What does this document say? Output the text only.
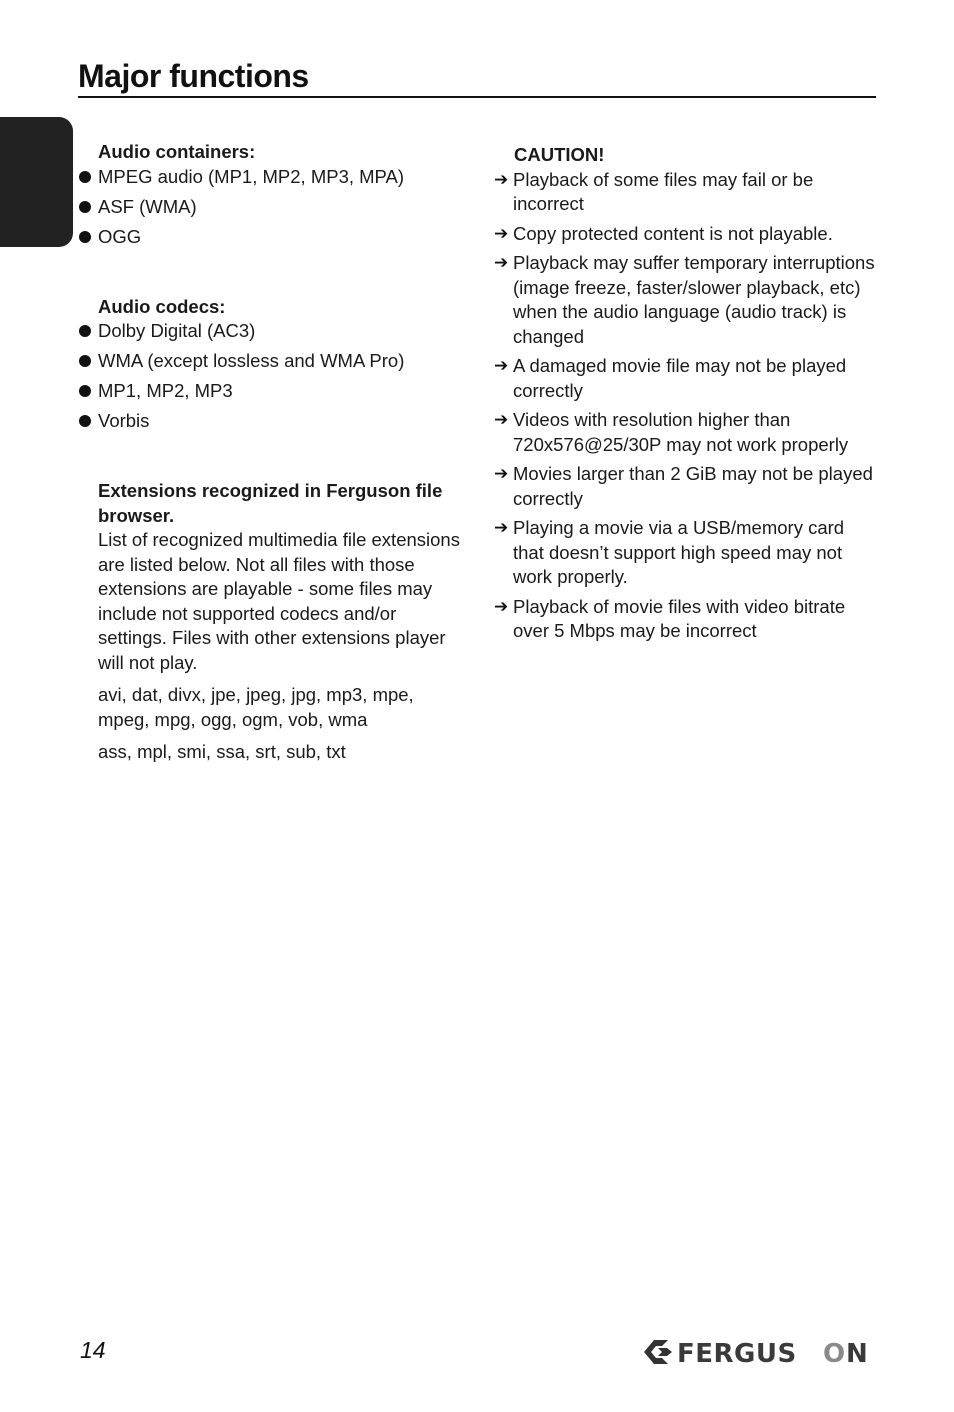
Major functions
ENGLISH
Audio containers:
MPEG audio (MP1, MP2, MP3, MPA)
ASF (WMA)
OGG
Audio codecs:
Dolby Digital (AC3)
WMA (except lossless and WMA Pro)
MP1, MP2, MP3
Vorbis
Extensions recognized in Ferguson file browser.
List of recognized multimedia file extensions are listed below. Not all files with those extensions are playable - some files may include not supported codecs and/or settings. Files with other extensions player will not play.
avi, dat, divx, jpe, jpeg, jpg, mp3, mpe, mpeg, mpg, ogg, ogm, vob, wma
ass, mpl, smi, ssa, srt, sub, txt
CAUTION!
➔ Playback of some files may fail or be incorrect
➔ Copy protected content is not playable.
➔ Playback may suffer temporary interruptions (image freeze, faster/slower playback, etc) when the audio language (audio track) is changed
➔ A damaged movie file may not be played correctly
➔ Videos with resolution higher than 720x576@25/30P may not work properly
➔ Movies larger than 2 GiB may not be played correctly
➔ Playing a movie via a USB/memory card that doesn’t support high speed may not work properly.
➔ Playback of movie files with video bitrate over 5 Mbps may be incorrect
14	FERGUS O N
